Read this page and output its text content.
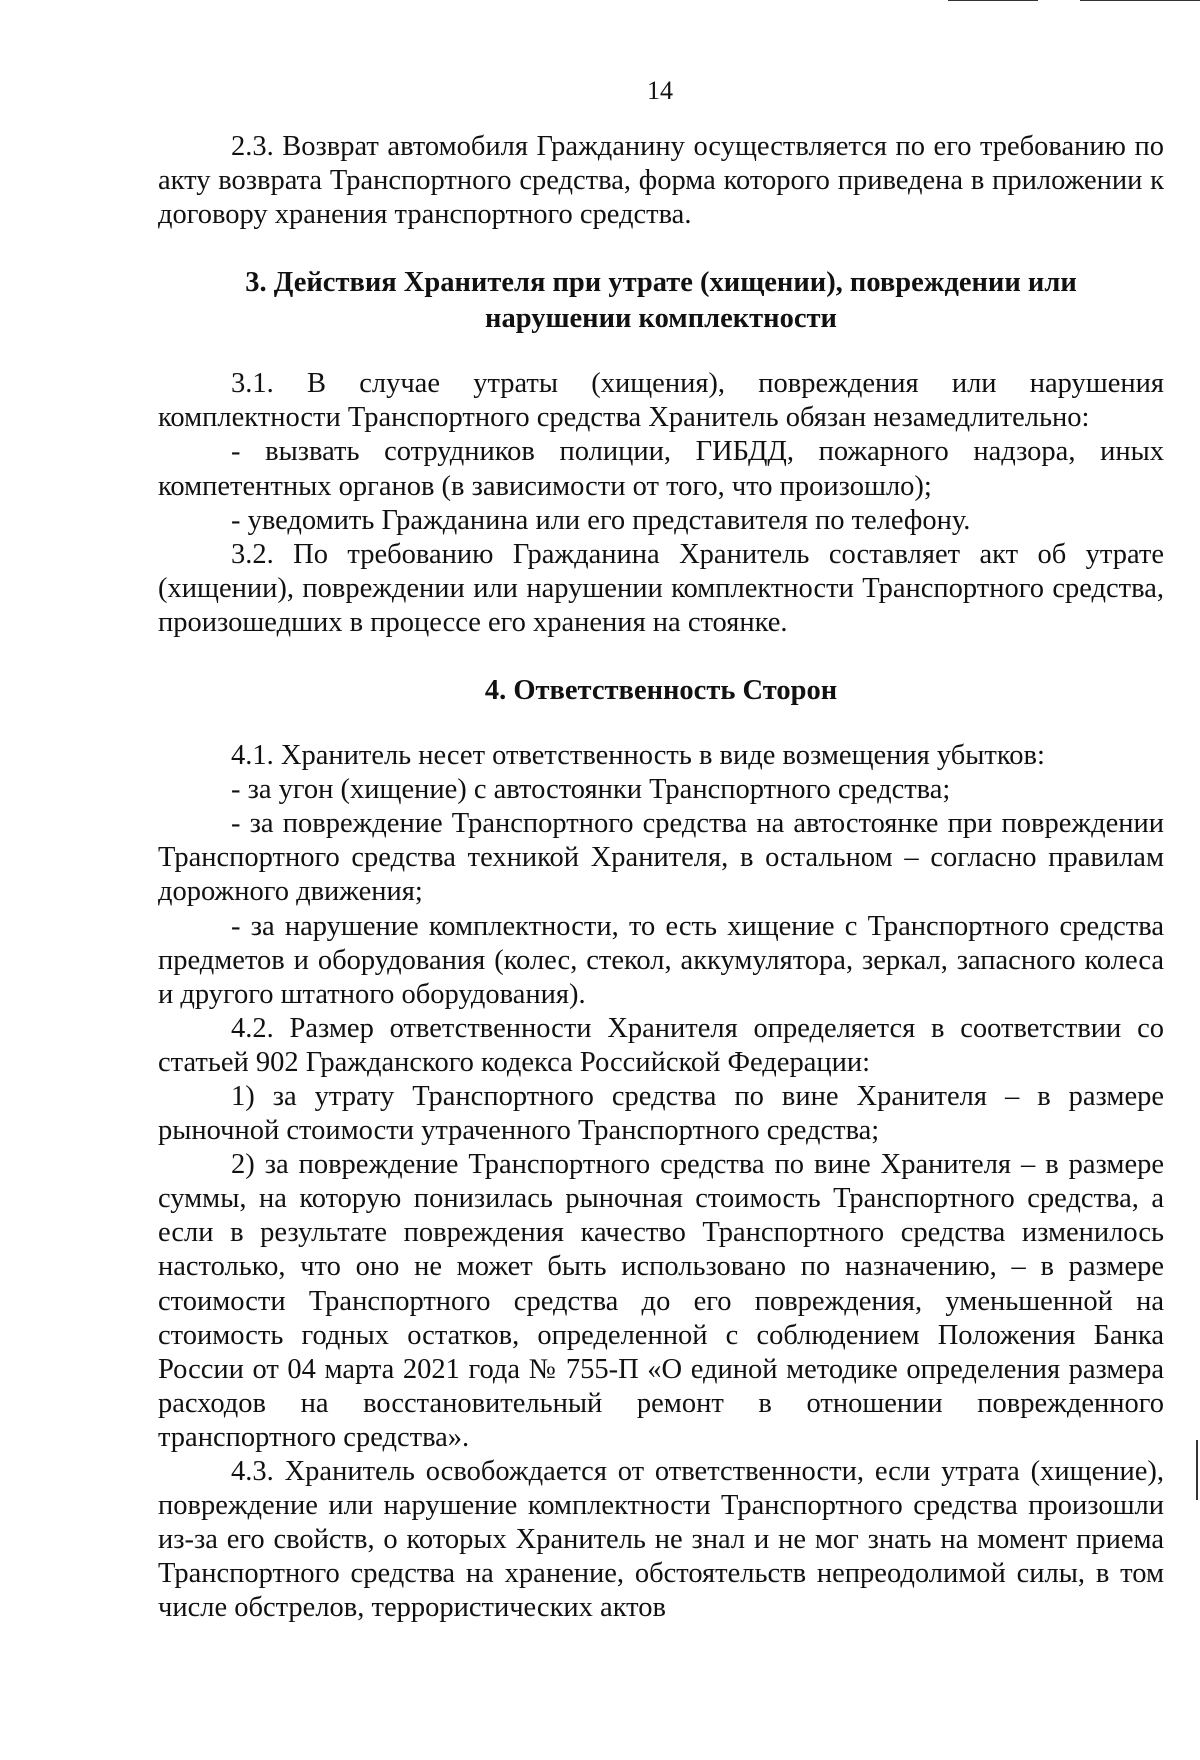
14

2.3. Возврат автомобиля Гражданину осуществляется по его требованию по акту возврата Транспортного средства, форма которого приведена в приложении к договору хранения транспортного средства.

3. Действия Хранителя при утрате (хищении), повреждении или

нарушении комплектности

3.1. В случае утраты (хищения), повреждения или нарушения комплектности Транспортного средства Хранитель обязан незамедлительно:

- вызвать сотрудников полиции, ГИБДД, пожарного надзора, иных компетентных органов (в зависимости от того, что произошло);

- уведомить Гражданина или его представителя по телефону.

3.2. По требованию Гражданина Хранитель составляет акт об утрате (хищении), повреждении или нарушении комплектности Транспортного средства, произошедших в процессе его хранения на стоянке.

4. Ответственность Сторон

4.1. Хранитель несет ответственность в виде возмещения убытков:

- за угон (хищение) с автостоянки Транспортного средства;

- за повреждение Транспортного средства на автостоянке при повреждении Транспортного средства техникой Хранителя, в остальном – согласно правилам дорожного движения;

- за нарушение комплектности, то есть хищение с Транспортного средства предметов и оборудования (колес, стекол, аккумулятора, зеркал, запасного колеса и другого штатного оборудования).

4.2. Размер ответственности Хранителя определяется в соответствии со статьей 902 Гражданского кодекса Российской Федерации:

1) за утрату Транспортного средства по вине Хранителя – в размере рыночной стоимости утраченного Транспортного средства;

2) за повреждение Транспортного средства по вине Хранителя – в размере суммы, на которую понизилась рыночная стоимость Транспортного средства, а если в результате повреждения качество Транспортного средства изменилось настолько, что оно не может быть использовано по назначению, – в размере стоимости Транспортного средства до его повреждения, уменьшенной на стоимость годных остатков, определенной с соблюдением Положения Банка России от 04 марта 2021 года № 755-П «О единой методике определения размера расходов на восстановительный ремонт в отношении поврежденного транспортного средства».

4.3. Хранитель освобождается от ответственности, если утрата (хищение), повреждение или нарушение комплектности Транспортного средства произошли из-за его свойств, о которых Хранитель не знал и не мог знать на момент приема Транспортного средства на хранение, обстоятельств непреодолимой силы, в том числе обстрелов, террористических актов
